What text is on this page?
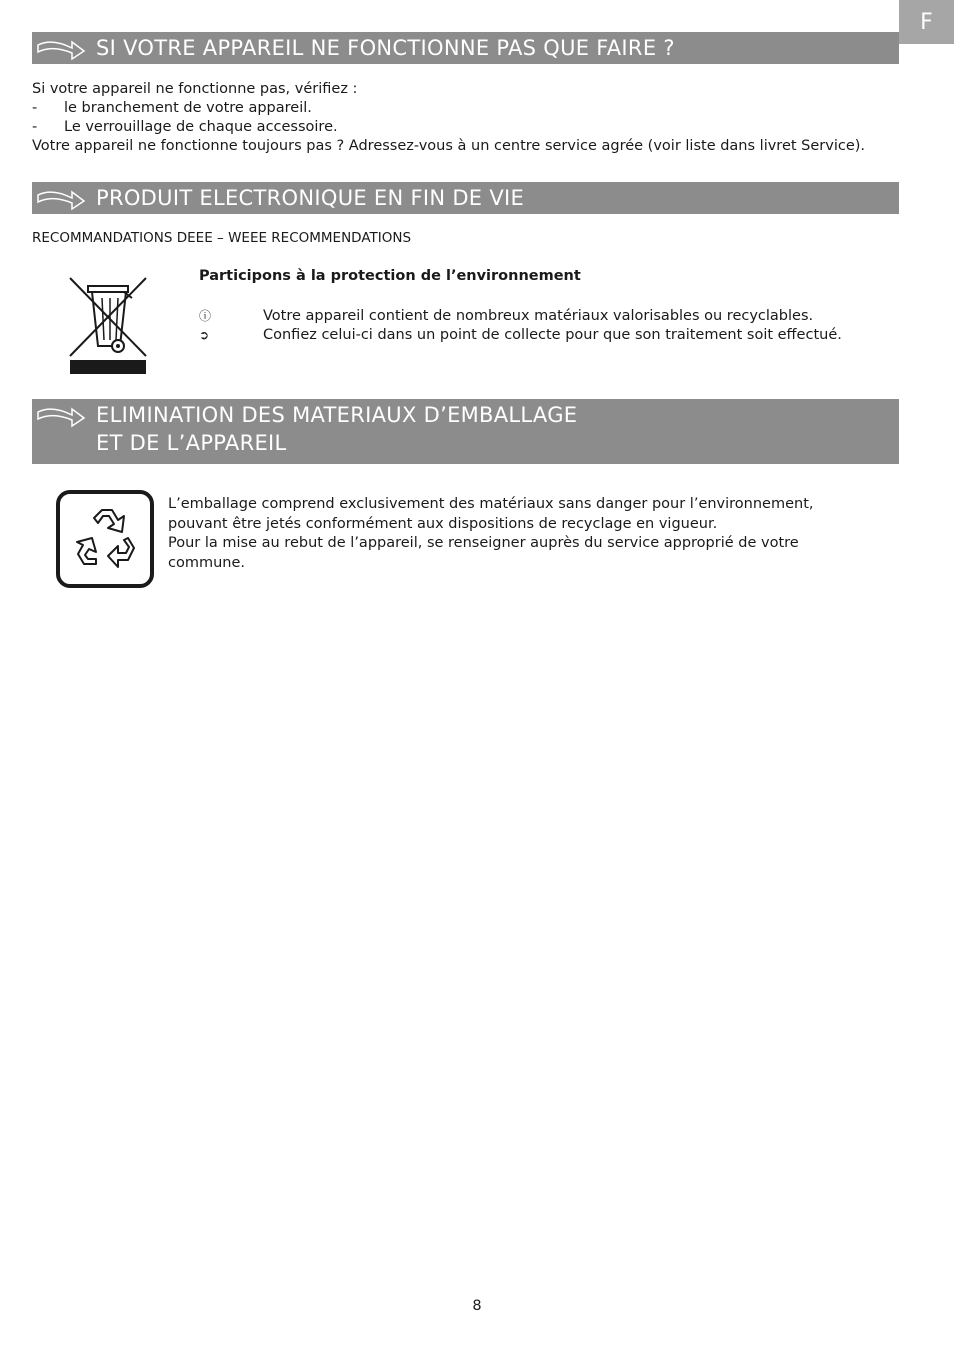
F
SI VOTRE APPAREIL NE FONCTIONNE PAS QUE FAIRE ?
Si votre appareil ne fonctionne pas, vérifiez :
-	le branchement de votre appareil.
-	Le verrouillage de chaque accessoire.
Votre appareil ne fonctionne toujours pas ? Adressez-vous à un centre service agrée (voir liste dans livret Service).
PRODUIT ELECTRONIQUE EN FIN DE VIE
RECOMMANDATIONS DEEE – WEEE RECOMMENDATIONS
Participons à la protection de l’environnement
ⓘ	Votre appareil contient de nombreux matériaux valorisables ou recyclables.
➲	Confiez celui-ci dans un point de collecte pour que son traitement soit effectué.
ELIMINATION DES MATERIAUX D’EMBALLAGE
ET DE L’APPAREIL
L’emballage comprend exclusivement des matériaux sans danger pour l’environnement,
pouvant être jetés conformément aux dispositions de recyclage en vigueur.
Pour la mise au rebut de l’appareil, se renseigner auprès du service approprié de votre
commune.
8
